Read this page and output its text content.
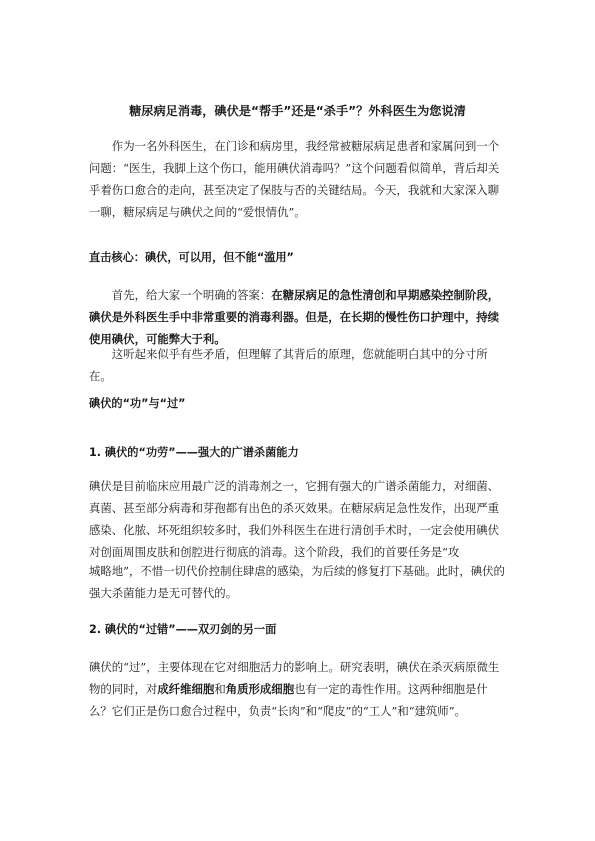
糖尿病足消毒，碘伏是“帮手”还是“杀手”？外科医生为您说清

作为一名外科医生，在门诊和病房里，我经常被糖尿病足患者和家属问到一个问题：“医生，我脚上这个伤口，能用碘伏消毒吗？”这个问题看似简单，背后却关乎着伤口愈合的走向，甚至决定了保肢与否的关键结局。今天，我就和大家深入聊一聊，糖尿病足与碘伏之间的“爱恨情仇”。

直击核心：碘伏，可以用，但不能“滥用”

首先，给大家一个明确的答案：在糖尿病足的急性清创和早期感染控制阶段，碘伏是外科医生手中非常重要的消毒利器。但是，在长期的慢性伤口护理中，持续使用碘伏，可能弊大于利。

这听起来似乎有些矛盾，但理解了其背后的原理，您就能明白其中的分寸所在。

碘伏的“功”与“过”
1. 碘伏的“功劳”——强大的广谱杀菌能力

碘伏是目前临床应用最广泛的消毒剂之一，它拥有强大的广谱杀菌能力，对细菌、真菌、甚至部分病毒和芽孢都有出色的杀灭效果。在糖尿病足急性发作，出现严重感染、化脓、坏死组织较多时，我们外科医生在进行清创手术时，一定会使用碘伏对创面周围皮肤和创腔进行彻底的消毒。这个阶段，我们的首要任务是“攻

城略地”，不惜一切代价控制住肆虐的感染，为后续的修复打下基础。此时，碘伏的强大杀菌能力是无可替代的。

2. 碘伏的“过错”——双刃剑的另一面

碘伏的“过”，主要体现在它对细胞活力的影响上。研究表明，碘伏在杀灭病原微生物的同时，对成纤维细胞和角质形成细胞也有一定的毒性作用。这两种细胞是什么？它们正是伤口愈合过程中，负责“长肉”和“爬皮”的“工人”和“建筑师”。
